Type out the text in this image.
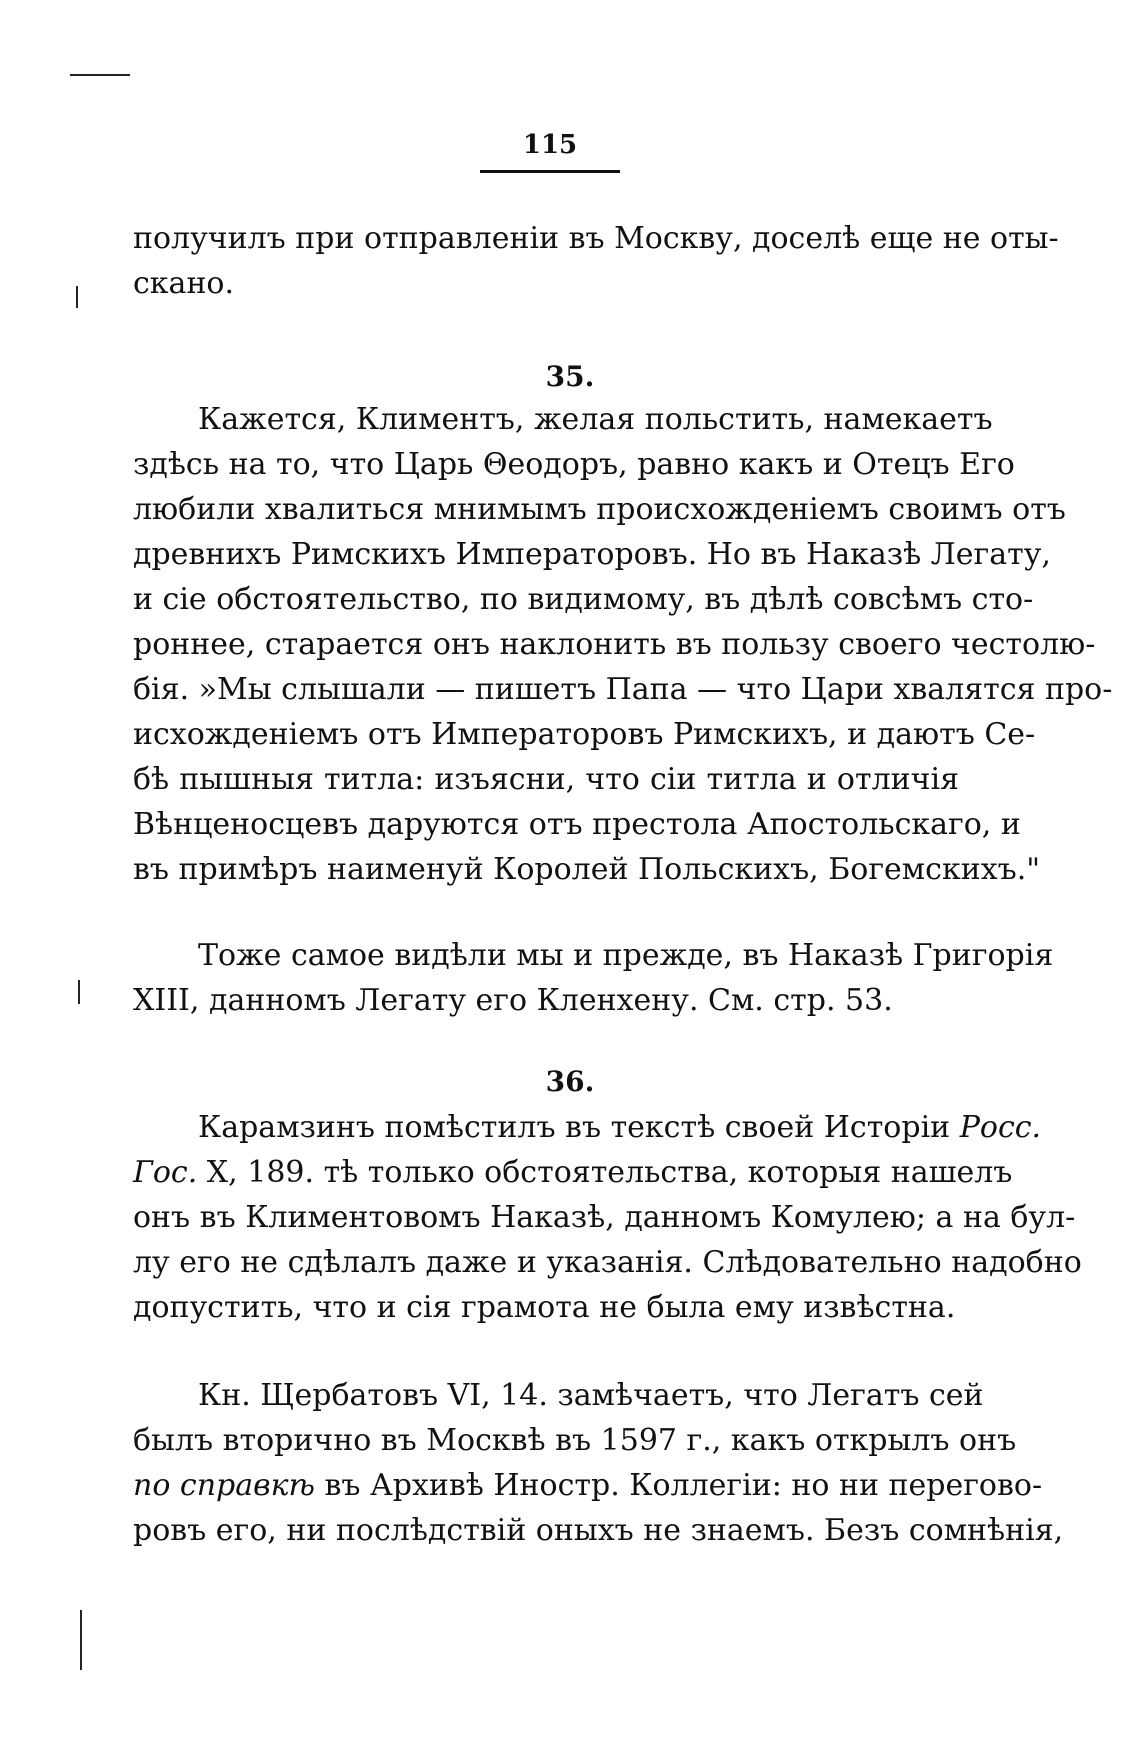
115
получилъ при отправленiи въ Москву, доселѣ еще не оты-
скано.
35.
Кажется, Климентъ, желая польстить, намекаетъ
здѣсь на то, что Царь Θеодоръ, равно какъ и Отецъ Его
любили хвалиться мнимымъ происхожденiемъ своимъ отъ
древнихъ Римскихъ Императоровъ. Но въ Наказѣ Легату,
и сiе обстоятельство, по видимому, въ дѣлѣ совсѣмъ сто-
роннее, старается онъ наклонить въ пользу своего честолю-
бiя. »Мы слышали — пишетъ Папа — что Цари хвалятся про-
исхожденiемъ отъ Императоровъ Римскихъ, и даютъ Се-
бѣ пышныя титла: изъясни, что сiи титла и отличiя
Вѣнценосцевъ даруются отъ престола Апостольскаго, и
въ примѣръ наименуй Королей Польскихъ, Богемскихъ."
Тоже самое видѣли мы и прежде, въ Наказѣ Григорiя
XIII, данномъ Легату его Кленхену. См. стр. 53.
36.
Карамзинъ помѣстилъ въ текстѣ своей Исторiи Росс.
Гос. X, 189. тѣ только обстоятельства, которыя нашелъ
онъ въ Климентовомъ Наказѣ, данномъ Комулею; а на бул-
лу его не сдѣлалъ даже и указанiя. Слѣдовательно надобно
допустить, что и сiя грамота не была ему извѣстна.
Кн. Щербатовъ VI, 14. замѣчаетъ, что Легатъ сей
былъ вторично въ Москвѣ въ 1597 г., какъ открылъ онъ
по справкѣ въ Архивѣ Иностр. Коллегiи: но ни перегово-
ровъ его, ни послѣдствiй оныхъ не знаемъ. Безъ сомнѣнiя,
